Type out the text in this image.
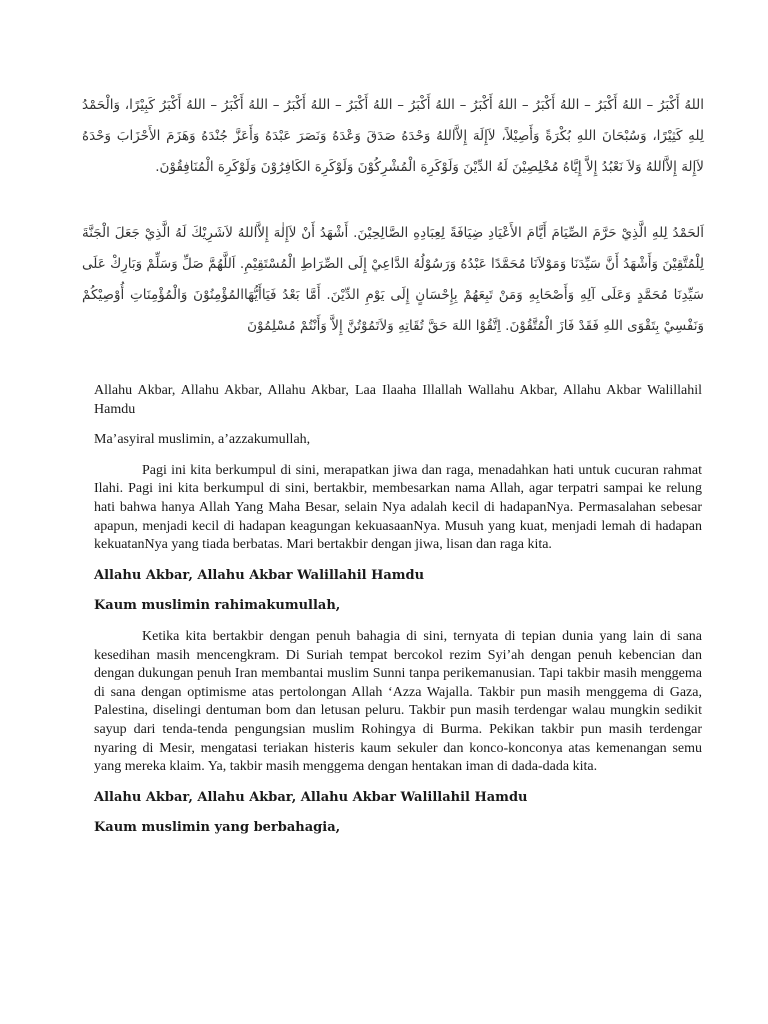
اللهُ أَكْبَرُ – اللهُ أَكْبَرُ – اللهُ أَكْبَرُ – اللهُ أَكْبَرُ – اللهُ أَكْبَرُ – اللهُ أَكْبَرُ – اللهُ أَكْبَرُ – اللهُ أَكْبَرُ – اللهُ أَكْبَرُ كَبِيْرًا، وَالْحَمْدُ لِلهِ كَثِيْرًا، وَسُبْحَانَ اللهِ بُكْرَةً وَأَصِيْلاً، لاَإِلَهَ إِلاَّاللهُ وَحْدَهُ صَدَقَ وَعْدَهُ وَنَصَرَ عَبْدَهُ وَأَعَزَّ جُنْدَهُ وَهَزَمَ الأَحْزَابَ وَحْدَهُ لاَإِلهَ إِلاَّاللهُ وَلاَ نَعْبُدُ إِلاَّ إِيَّاهُ مُخْلِصِيْنَ لَهُ الدِّيْنَ وَلَوْكَرِهَ الْمُشْرِكُوْنَ وَلَوْكَرِهَ الكَافِرُوْنَ وَلَوْكَرِهَ الْمُنَافِقُوْنَ.
اَلحَمْدُ لِلهِ الَّذِيْ حَرَّمَ الصِّيَامَ أَيَّامَ الأَعْيَادِ ضِيَافَةً لِعِبَادِهِ الصَّالِحِيْنَ. أَشْهَدُ أَنْ لاَإِلٰهَ إِلاَّاللهُ لاَشَرِيْكَ لَهُ الَّذِيْ جَعَلَ الْجَنَّةَ لِلْمُتَّقِيْنَ وَأَشْهَدُ أَنَّ سَيِّدَنَا وَمَوْلاَنَا مُحَمَّدًا عَبْدُهُ وَرَسُوْلُهُ الدَّاعِيْ إِلَى الصِّرَاطِ الْمُسْتَقِيْمِ. اَللَّهُمَّ صَلِّ وَسَلِّمْ وَبَارِكْ عَلَى سَيِّدِنَا مُحَمَّدٍ وَعَلَى آلِهِ وَأَصْحَابِهِ وَمَنْ تَبِعَهُمْ بِإِحْسَانٍ إِلَى يَوْمِ الدِّيْنَ. أَمَّا بَعْدُ فَيَاأَيُّهَاالمُؤْمِنُوْنَ وَالْمُؤْمِنَاتِ أُوْصِيْكُمْ وَنَفْسِيْ بِتَقْوَى اللهِ فَقَدْ فَازَ الْمُتَّقُوْنَ. اِتَّقُوْا اللهَ حَقَّ تُقَاتِهِ وَلاَتَمُوْتُنَّ إِلاَّ وَأَنْتُمْ مُسْلِمُوْنَ

Allahu Akbar, Allahu Akbar, Allahu Akbar, Laa Ilaaha Illallah Wallahu Akbar, Allahu Akbar Walillahil Hamdu

Ma’asyiral muslimin, a’azzakumullah,

Pagi ini kita berkumpul di sini, merapatkan jiwa dan raga, menadahkan hati untuk cucuran rahmat Ilahi. Pagi ini kita berkumpul di sini, bertakbir, membesarkan nama Allah, agar terpatri sampai ke relung hati bahwa hanya Allah Yang Maha Besar, selain Nya adalah kecil di hadapanNya. Permasalahan sebesar apapun, menjadi kecil di hadapan keagungan kekuasaanNya. Musuh yang kuat, menjadi lemah di hadapan kekuatanNya yang tiada berbatas. Mari bertakbir dengan jiwa, lisan dan raga kita.

Allahu Akbar, Allahu Akbar Walillahil Hamdu

Kaum muslimin rahimakumullah,

Ketika kita bertakbir dengan penuh bahagia di sini, ternyata di tepian dunia yang lain di sana kesedihan masih mencengkram. Di Suriah tempat bercokol rezim Syi’ah dengan penuh kebencian dan dengan dukungan penuh Iran membantai muslim Sunni tanpa perikemanusian. Tapi takbir masih menggema di sana dengan optimisme atas pertolongan Allah ‘Azza Wajalla. Takbir pun masih menggema di Gaza, Palestina, diselingi dentuman bom dan letusan peluru. Takbir pun masih terdengar walau mungkin sedikit sayup dari tenda-tenda pengungsian muslim Rohingya di Burma. Pekikan takbir pun masih terdengar nyaring di Mesir, mengatasi teriakan histeris kaum sekuler dan konco-konconya atas kemenangan semu yang mereka klaim. Ya, takbir masih menggema dengan hentakan iman di dada-dada kita.

Allahu Akbar, Allahu Akbar, Allahu Akbar Walillahil Hamdu

Kaum muslimin yang berbahagia,
